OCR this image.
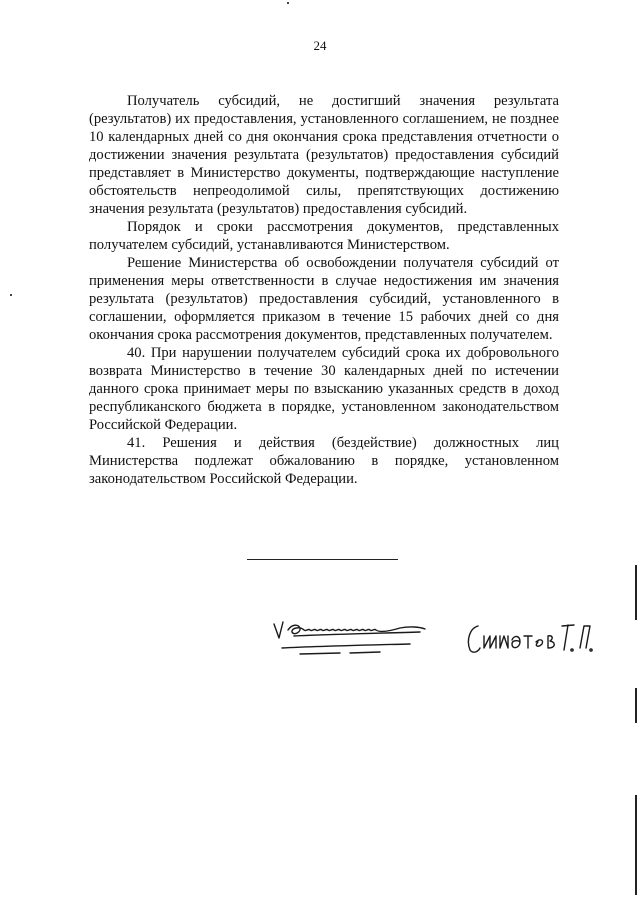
24

Получатель субсидий, не достигший значения результата (результатов) их предоставления, установленного соглашением, не позднее 10 календарных дней со дня окончания срока представления отчетности о достижении значения результата (результатов) предоставления субсидий представляет в Министерство документы, подтверждающие наступление обстоятельств непреодолимой силы, препятствующих достижению значения результата (результатов) предоставления субсидий.

Порядок и сроки рассмотрения документов, представленных получателем субсидий, устанавливаются Министерством.

Решение Министерства об освобождении получателя субсидий от применения меры ответственности в случае недостижения им значения результата (результатов) предоставления субсидий, установленного в соглашении, оформляется приказом в течение 15 рабочих дней со дня окончания срока рассмотрения документов, представленных получателем.

40. При нарушении получателем субсидий срока их добровольного возврата Министерство в течение 30 календарных дней по истечении данного срока принимает меры по взысканию указанных средств в доход республиканского бюджета в порядке, установленном законодательством Российской Федерации.

41. Решения и действия (бездействие) должностных лиц Министерства подлежат обжалованию в порядке, установленном законодательством Российской Федерации.
